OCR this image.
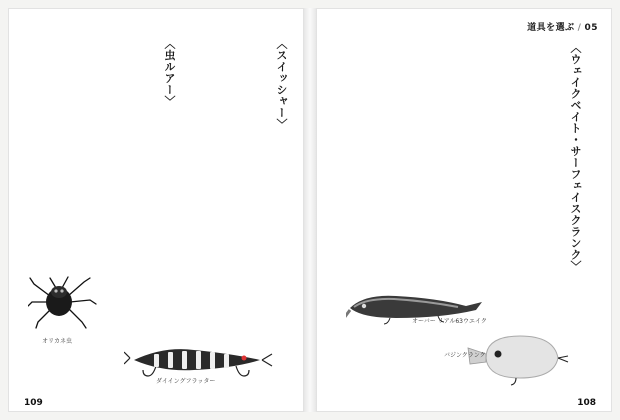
〈スイッシャー〉
〈虫ルアー〉
オリカネ虫
ダイイングフラッター
109
道具を選ぶ / 05
〈ウェイクベイト・サーフェイスクランク〉
オーバー リアル63ウエイク
バジンクランク
108
